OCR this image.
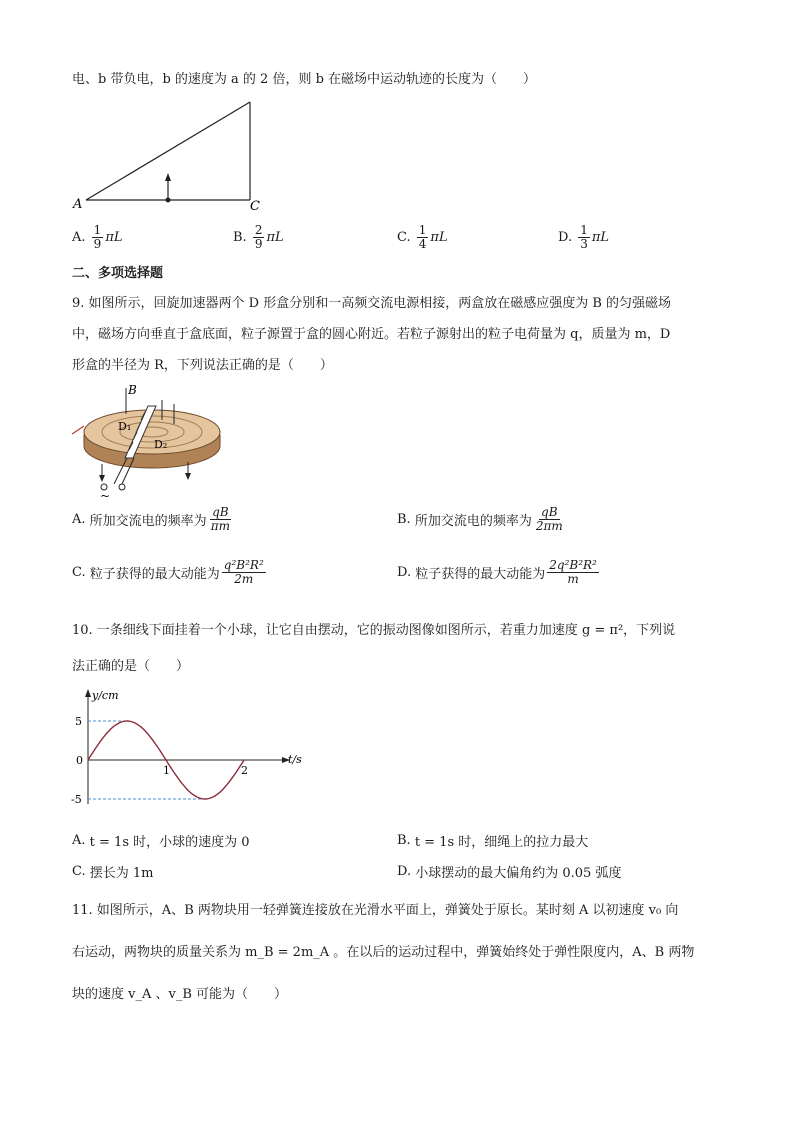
电、b 带负电，b 的速度为 a 的 2 倍，则 b 在磁场中运动轨迹的长度为（　　）
A	C
A.
$\frac{1}{9}$ πL	B.
$\frac{2}{9}$ πL	C.
$\frac{1}{4}$ πL	D.
$\frac{1}{3}$ πL
二、多项选择题
9. 如图所示，回旋加速器两个 D 形盒分别和一高频交流电源相接，两盒放在磁感应强度为 B 的匀强磁场
中，磁场方向垂直于盒底面，粒子源置于盒的圆心附近。若粒子源射出的粒子电荷量为 q，质量为 m，D
形盒的半径为 R，下列说法正确的是（　　）
B
D₁
D₂
~
A.
所加交流电的频率为 $\frac{qB}{\pi m}$	B.
所加交流电的频率为 $\frac{qB}{2\pi m}$
C.
粒子获得的最大动能为 $\frac{\text{q²B²R²}}{2m}$	D.
粒子获得的最大动能为 $\frac{\text{2q²B²R²}}{m}$
10. 一条细线下面挂着一个小球，让它自由摆动，它的振动图像如图所示，若重力加速度 g = π²，下列说
法正确的是（　　）
y/cm
t/s
5
0
-5
1	2
A.
t = 1s 时，小球的速度为 0	B.
t = 1s 时，细绳上的拉力最大
C.
摆长为 1m	D.
小球摆动的最大偏角约为 0.05 弧度
11. 如图所示，A、B 两物块用一轻弹簧连接放在光滑水平面上，弹簧处于原长。某时刻 A 以初速度 v₀ 向
右运动，两物块的质量关系为 m_B = 2m_A 。在以后的运动过程中，弹簧始终处于弹性限度内，A、B 两物
块的速度 v_A 、v_B 可能为（　　）
